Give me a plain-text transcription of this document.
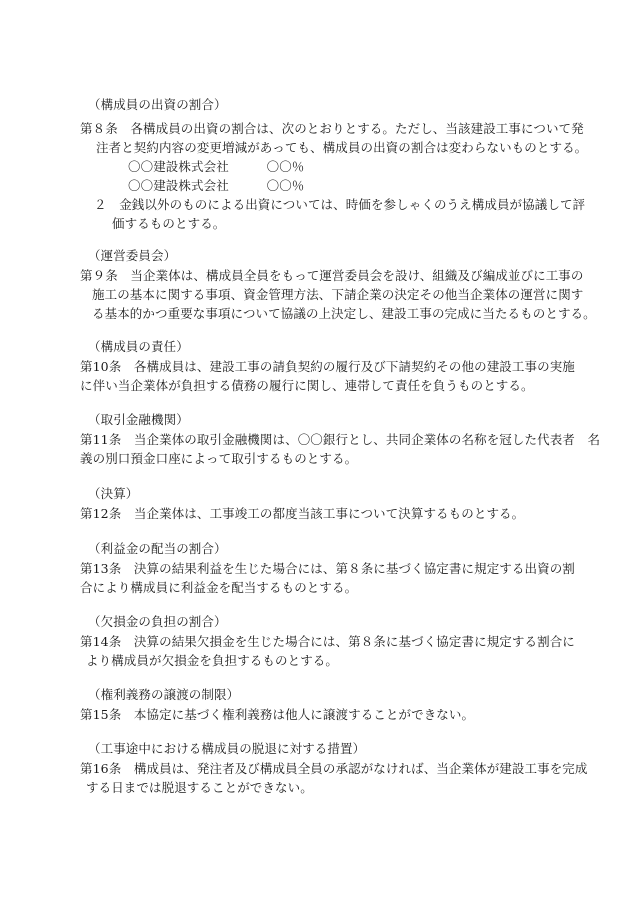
（構成員の出資の割合）
第８条　各構成員の出資の割合は、次のとおりとする。ただし、当該建設工事について発
注者と契約内容の変更増減があっても、構成員の出資の割合は変わらないものとする。
〇〇建設株式会社　　　〇〇％
〇〇建設株式会社　　　〇〇％
２　金銭以外のものによる出資については、時価を参しゃくのうえ構成員が協議して評
価するものとする。
（運営委員会）
第９条　当企業体は、構成員全員をもって運営委員会を設け、組織及び編成並びに工事の
施工の基本に関する事項、資金管理方法、下請企業の決定その他当企業体の運営に関す
る基本的かつ重要な事項について協議の上決定し、建設工事の完成に当たるものとする。
（構成員の責任）
第10条　各構成員は、建設工事の請負契約の履行及び下請契約その他の建設工事の実施
に伴い当企業体が負担する債務の履行に関し、連帯して責任を負うものとする。
（取引金融機関）
第11条　当企業体の取引金融機関は、〇〇銀行とし、共同企業体の名称を冠した代表者　名
義の別口預金口座によって取引するものとする。
（決算）
第12条　当企業体は、工事竣工の都度当該工事について決算するものとする。
（利益金の配当の割合）
第13条　決算の結果利益を生じた場合には、第８条に基づく協定書に規定する出資の割
合により構成員に利益金を配当するものとする。
（欠損金の負担の割合）
第14条　決算の結果欠損金を生じた場合には、第８条に基づく協定書に規定する割合に
より構成員が欠損金を負担するものとする。
（権利義務の譲渡の制限）
第15条　本協定に基づく権利義務は他人に譲渡することができない。
（工事途中における構成員の脱退に対する措置）
第16条　構成員は、発注者及び構成員全員の承認がなければ、当企業体が建設工事を完成
する日までは脱退することができない。
